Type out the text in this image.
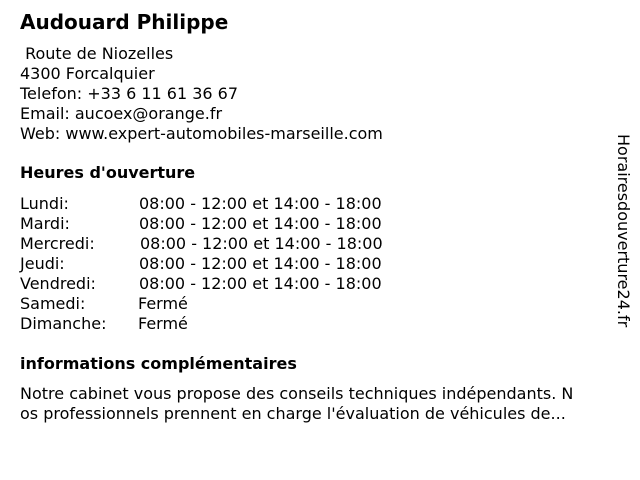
Audouard Philippe
Route de Niozelles
4300 Forcalquier
Telefon: +33 6 11 61 36 67
Email: aucoex@orange.fr
Web: www.expert-automobiles-marseille.com
Heures d'ouverture
Lundi:	08:00 - 12:00 et 14:00 - 18:00
Mardi:	08:00 - 12:00 et 14:00 - 18:00
Mercredi:	08:00 - 12:00 et 14:00 - 18:00
Jeudi:	08:00 - 12:00 et 14:00 - 18:00
Vendredi:	08:00 - 12:00 et 14:00 - 18:00
Samedi:	Fermé
Dimanche: Fermé
informations complémentaires
Notre cabinet vous propose des conseils techniques indépendants. N
os professionnels prennent en charge l'évaluation de véhicules de...
Horairesdouverture24.fr
